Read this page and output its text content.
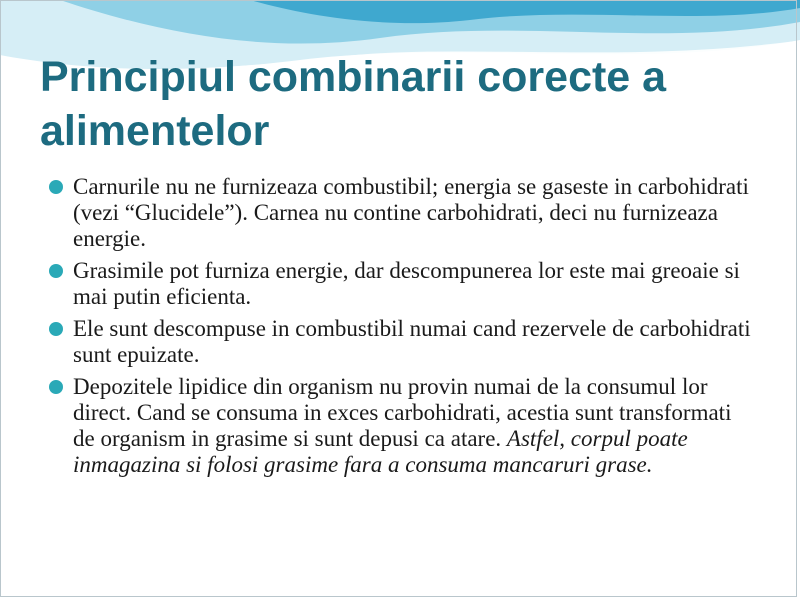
Principiul combinarii corecte a alimentelor
Carnurile nu ne furnizeaza combustibil; energia se gaseste in carbohidrati (vezi “Glucidele”). Carnea nu contine carbohidrati, deci nu furnizeaza energie.
Grasimile pot furniza energie, dar descompunerea lor este mai greoaie si mai putin eficienta.
Ele sunt descompuse in combustibil numai cand rezervele de carbohidrati sunt epuizate.
Depozitele lipidice din organism nu provin numai de la consumul lor direct. Cand se consuma in exces carbohidrati, acestia sunt transformati de organism in grasime si sunt depusi ca atare. Astfel, corpul poate inmagazina si folosi grasime fara a consuma mancaruri grase.
